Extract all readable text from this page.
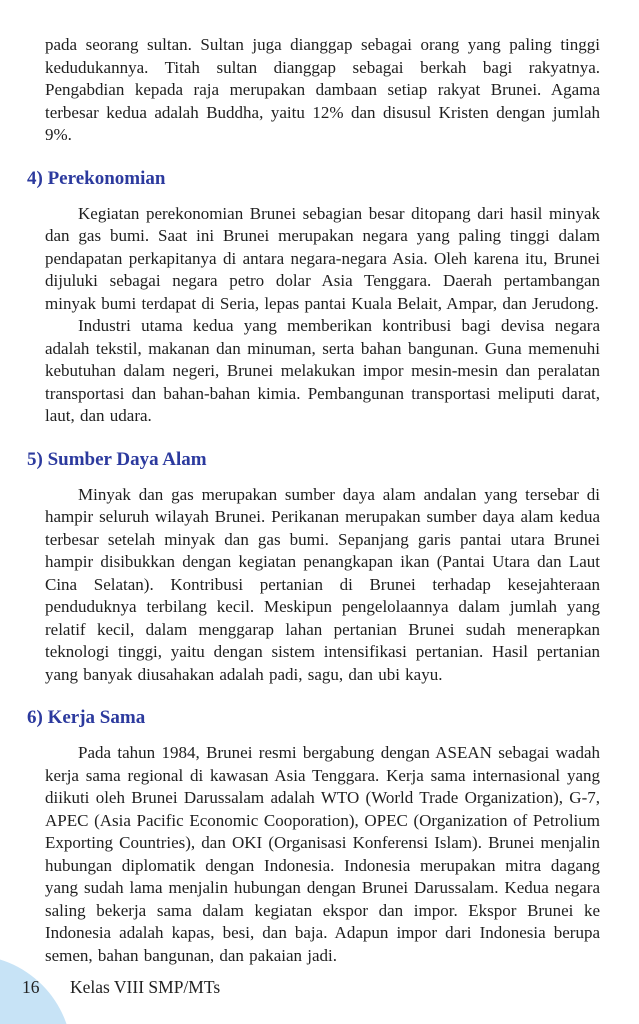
pada seorang sultan. Sultan juga dianggap sebagai orang yang paling tinggi kedudukannya. Titah sultan dianggap sebagai berkah bagi rakyatnya. Pengabdian kepada raja merupakan dambaan setiap rakyat Brunei. Agama terbesar kedua adalah Buddha, yaitu 12% dan disusul Kristen dengan jumlah 9%.

4) Perekonomian

Kegiatan perekonomian Brunei sebagian besar ditopang dari hasil minyak dan gas bumi. Saat ini Brunei merupakan negara yang paling tinggi dalam pendapatan perkapitanya di antara negara-negara Asia. Oleh karena itu, Brunei dijuluki sebagai negara petro dolar Asia Tenggara. Daerah pertambangan minyak bumi terdapat di Seria, lepas pantai Kuala Belait, Ampar, dan Jerudong.

Industri utama kedua yang memberikan kontribusi bagi devisa negara adalah tekstil, makanan dan minuman, serta bahan bangunan. Guna memenuhi kebutuhan dalam negeri, Brunei melakukan impor mesin-mesin dan peralatan transportasi dan bahan-bahan kimia. Pembangunan transportasi meliputi darat, laut, dan udara.

5) Sumber Daya Alam

Minyak dan gas merupakan sumber daya alam andalan yang tersebar di hampir seluruh wilayah Brunei. Perikanan merupakan sumber daya alam kedua terbesar setelah minyak dan gas bumi. Sepanjang garis pantai utara Brunei hampir disibukkan dengan kegiatan penangkapan ikan (Pantai Utara dan Laut Cina Selatan). Kontribusi pertanian di Brunei terhadap kesejahteraan penduduknya terbilang kecil. Meskipun pengelolaannya dalam jumlah yang relatif kecil, dalam menggarap lahan pertanian Brunei sudah menerapkan teknologi tinggi, yaitu dengan sistem intensifikasi pertanian. Hasil pertanian yang banyak diusahakan adalah padi, sagu, dan ubi kayu.

6) Kerja Sama

Pada tahun 1984, Brunei resmi bergabung dengan ASEAN sebagai wadah kerja sama regional di kawasan Asia Tenggara. Kerja sama internasional yang diikuti oleh Brunei Darussalam adalah WTO (World Trade Organization), G-7, APEC (Asia Pacific Economic Cooporation), OPEC (Organization of Petrolium Exporting Countries), dan OKI (Organisasi Konferensi Islam). Brunei menjalin hubungan diplomatik dengan Indonesia. Indonesia merupakan mitra dagang yang sudah lama menjalin hubungan dengan Brunei Darussalam. Kedua negara saling bekerja sama dalam kegiatan ekspor dan impor. Ekspor Brunei ke Indonesia adalah kapas, besi, dan baja. Adapun impor dari Indonesia berupa semen, bahan bangunan, dan pakaian jadi.

16 Kelas VIII SMP/MTs
